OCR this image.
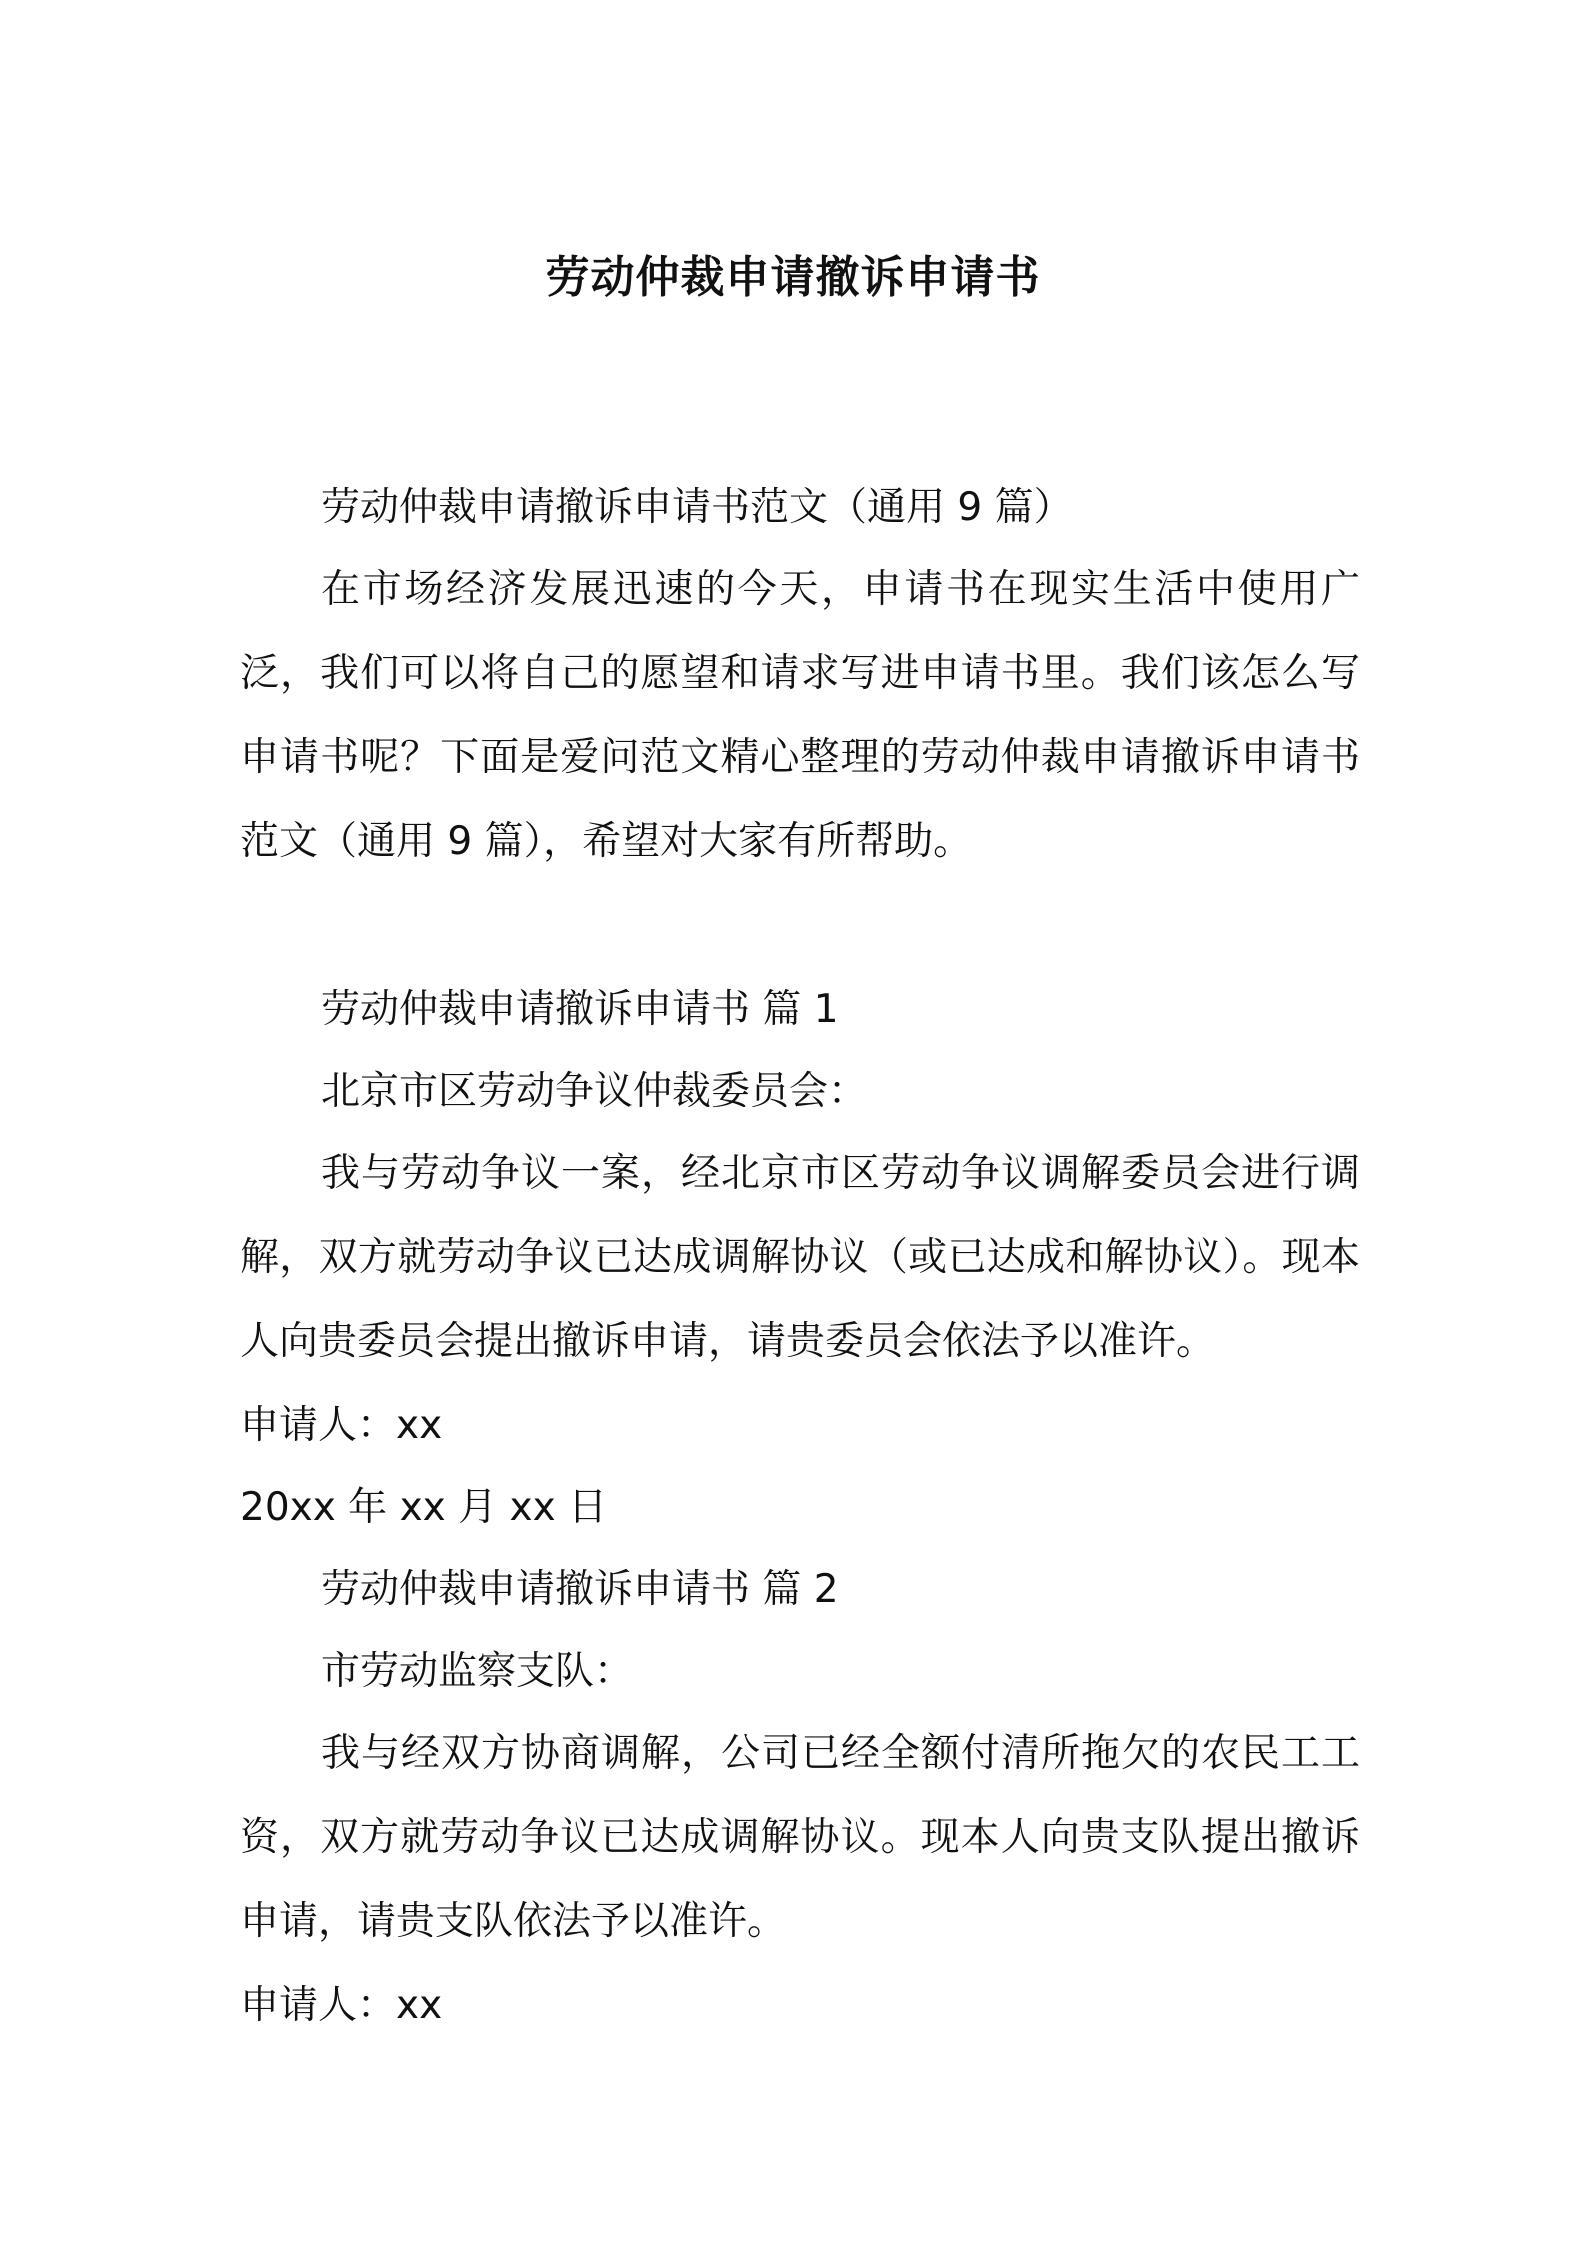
劳动仲裁申请撤诉申请书
劳动仲裁申请撤诉申请书范文（通用 9 篇）
在市场经济发展迅速的今天，申请书在现实生活中使用广泛，我们可以将自己的愿望和请求写进申请书里。我们该怎么写申请书呢？下面是爱问范文精心整理的劳动仲裁申请撤诉申请书范文（通用 9 篇），希望对大家有所帮助。
劳动仲裁申请撤诉申请书 篇 1
北京市区劳动争议仲裁委员会：
我与劳动争议一案，经北京市区劳动争议调解委员会进行调解，双方就劳动争议已达成调解协议（或已达成和解协议）。现本人向贵委员会提出撤诉申请，请贵委员会依法予以准许。
申请人：xx
20xx 年 xx 月 xx 日
劳动仲裁申请撤诉申请书 篇 2
市劳动监察支队：
我与经双方协商调解，公司已经全额付清所拖欠的农民工工资，双方就劳动争议已达成调解协议。现本人向贵支队提出撤诉申请，请贵支队依法予以准许。
申请人：xx
